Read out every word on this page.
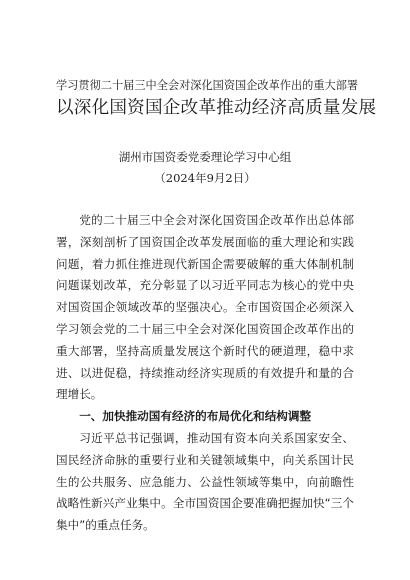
学习贯彻二十届三中全会对深化国资国企改革作出的重大部署

以深化国资国企改革推动经济高质量发展

湖州市国资委党委理论学习中心组

（2024年9月2日）

党的二十届三中全会对深化国资国企改革作出总体部署，深刻剖析了国资国企改革发展面临的重大理论和实践问题，着力抓住推进现代新国企需要破解的重大体制机制问题谋划改革，充分彰显了以习近平同志为核心的党中央对国资国企领域改革的坚强决心。全市国资国企必须深入学习领会党的二十届三中全会对深化国资国企改革作出的重大部署，坚持高质量发展这个新时代的硬道理，稳中求进、以进促稳，持续推动经济实现质的有效提升和量的合理增长。

一、加快推动国有经济的布局优化和结构调整

习近平总书记强调，推动国有资本向关系国家安全、国民经济命脉的重要行业和关键领域集中，向关系国计民生的公共服务、应急能力、公益性领域等集中，向前瞻性战略性新兴产业集中。全市国资国企要准确把握加快“三个集中”的重点任务。
